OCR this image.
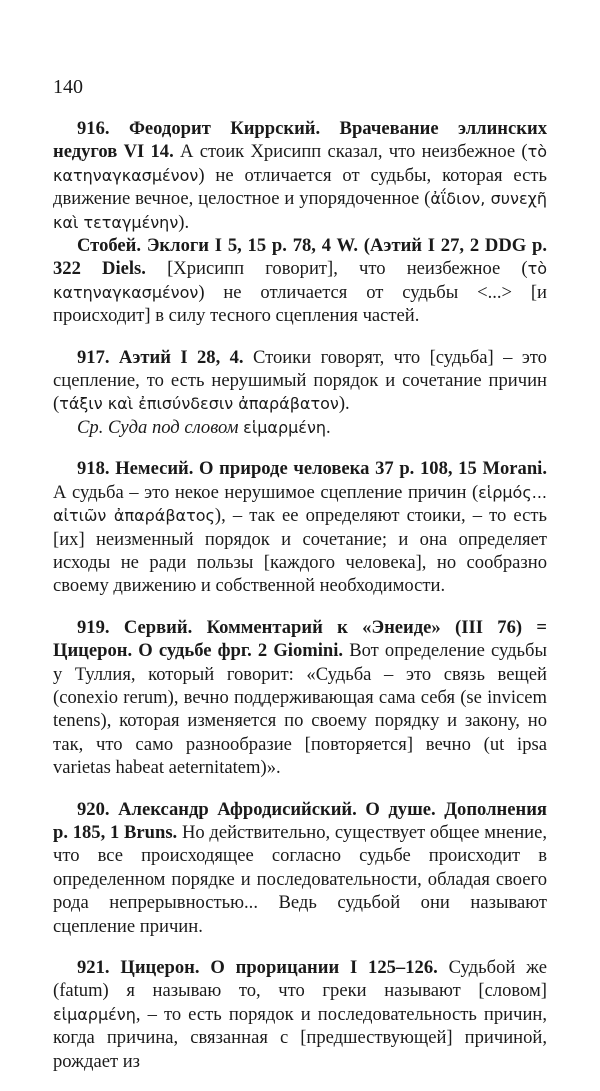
140

916. Феодорит Киррский. Врачевание эллинских недугов VI 14. А стоик Хрисипп сказал, что неизбежное (τὸ κατηναγκασμένον) не отличается от судьбы, которая есть движение вечное, целостное и упорядоченное (ἀΐδιον, συνεχῆ καὶ τεταγμένην).

Стобей. Эклоги I 5, 15 p. 78, 4 W. (Аэтий I 27, 2 DDG p. 322 Diels. [Хрисипп говорит], что неизбежное (τὸ κατηναγκασμένον) не отличается от судьбы <...> [и происходит] в силу тесного сцепления частей.

917. Аэтий I 28, 4. Стоики говорят, что [судьба] – это сцепление, то есть нерушимый порядок и сочетание причин (τάξιν καὶ ἐπισύνδεσιν ἀπαράβατον).

Ср. Суда под словом εἱμαρμένη.

918. Немесий. О природе человека 37 p. 108, 15 Morani. А судьба – это некое нерушимое сцепление причин (εἱρμός... αἰτιῶν ἀπαράβατος), – так ее определяют стоики, – то есть [их] неизменный порядок и сочетание; и она определяет исходы не ради пользы [каждого человека], но сообразно своему движению и собственной необходимости.

919. Сервий. Комментарий к «Энеиде» (III 76) = Цицерон. О судьбе фрг. 2 Giomini. Вот определение судьбы у Туллия, который говорит: «Судьба – это связь вещей (conexio rerum), вечно поддерживающая сама себя (se invicem tenens), которая изменяется по своему порядку и закону, но так, что само разнообразие [повторяется] вечно (ut ipsa varietas habeat aeternitatem)».

920. Александр Афродисийский. О душе. Дополнения p. 185, 1 Bruns. Но действительно, существует общее мнение, что все происходящее согласно судьбе происходит в определенном порядке и последовательности, обладая своего рода непрерывностью... Ведь судьбой они называют сцепление причин.

921. Цицерон. О прорицании I 125–126. Судьбой же (fatum) я называю то, что греки называют [словом] εἱμαρμένη, – то есть порядок и последовательность причин, когда причина, связанная с [предшествующей] причиной, рождает из
